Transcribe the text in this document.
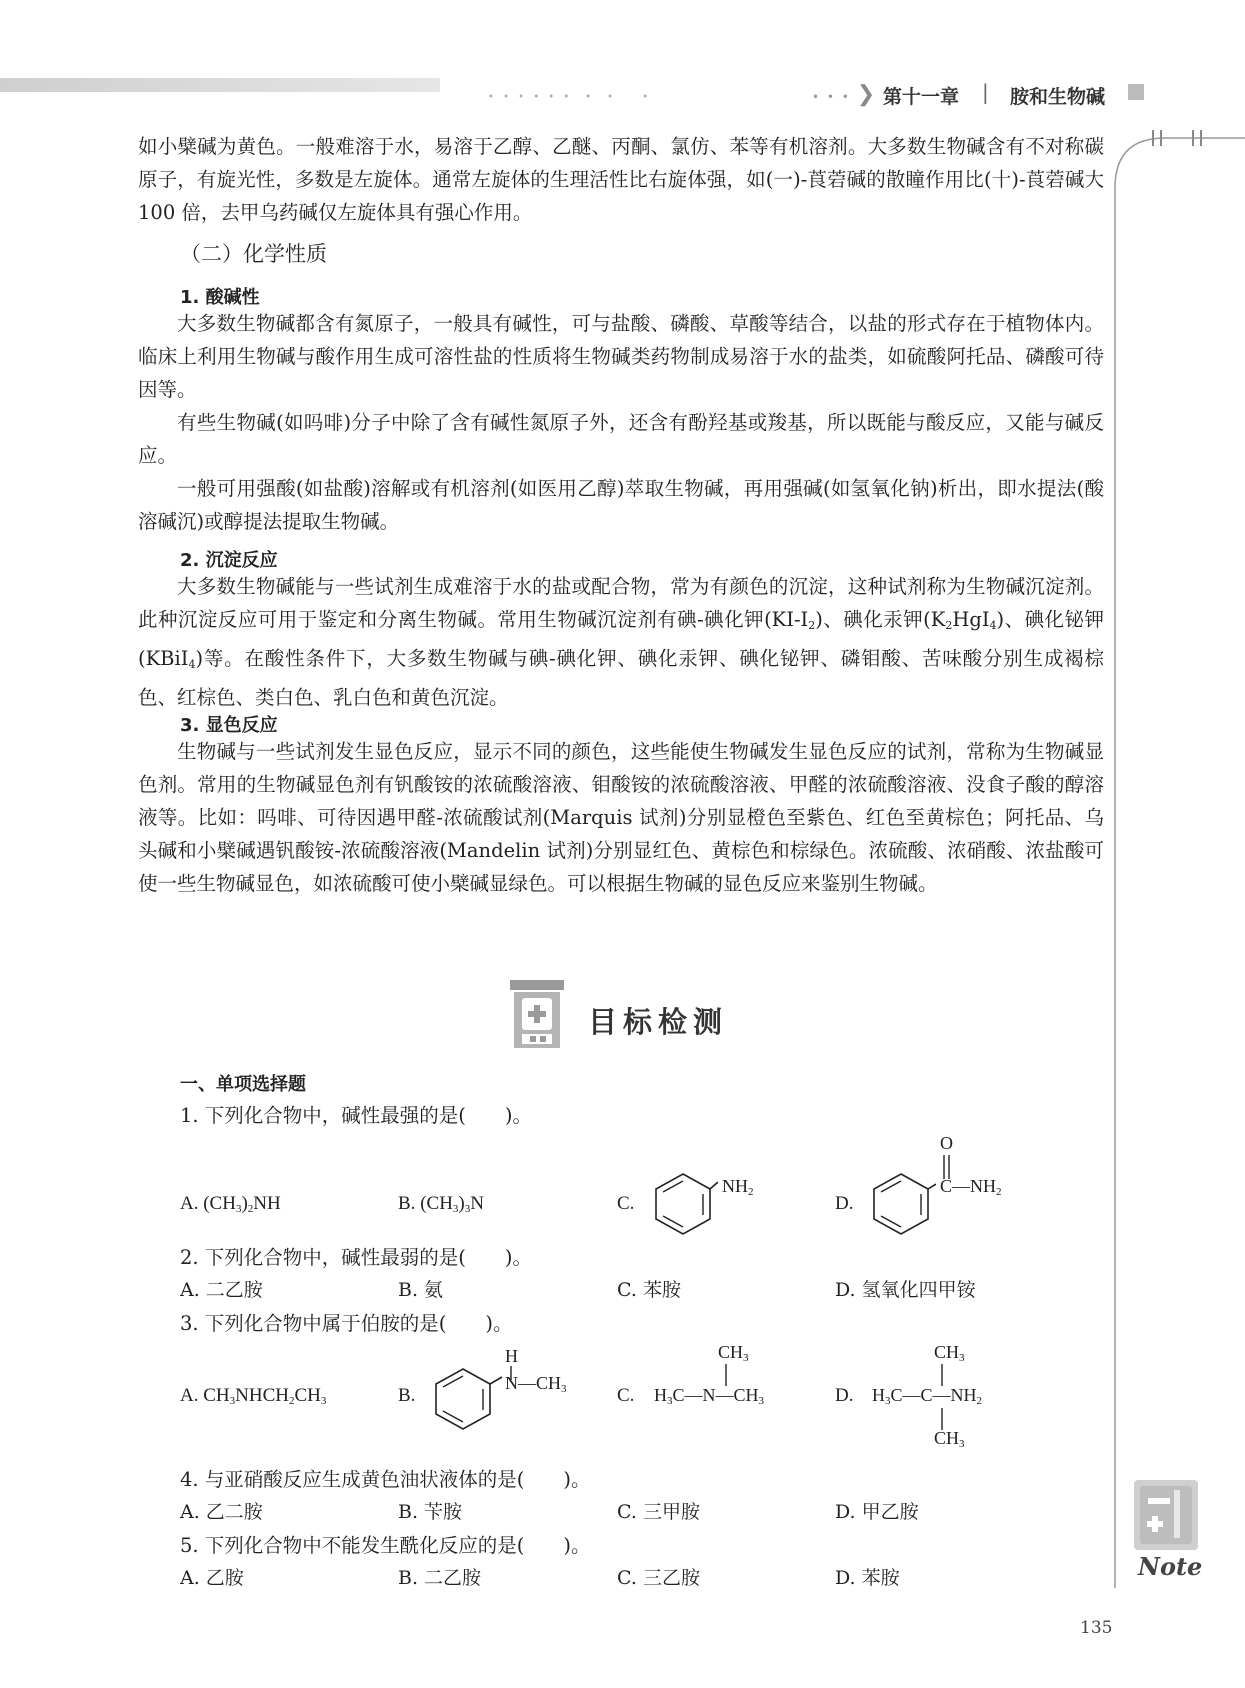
• • • • • •　•　•　　•	• • • ❯ 第十一章 | 胺和生物碱
如小檗碱为黄色。一般难溶于水，易溶于乙醇、乙醚、丙酮、氯仿、苯等有机溶剂。大多数生物碱含有不对称碳原子，有旋光性，多数是左旋体。通常左旋体的生理活性比右旋体强，如(一)-莨菪碱的散瞳作用比(十)-莨菪碱大 100 倍，去甲乌药碱仅左旋体具有强心作用。
（二）化学性质
1. 酸碱性
大多数生物碱都含有氮原子，一般具有碱性，可与盐酸、磷酸、草酸等结合，以盐的形式存在于植物体内。临床上利用生物碱与酸作用生成可溶性盐的性质将生物碱类药物制成易溶于水的盐类，如硫酸阿托品、磷酸可待因等。
有些生物碱(如吗啡)分子中除了含有碱性氮原子外，还含有酚羟基或羧基，所以既能与酸反应，又能与碱反应。
一般可用强酸(如盐酸)溶解或有机溶剂(如医用乙醇)萃取生物碱，再用强碱(如氢氧化钠)析出，即水提法(酸溶碱沉)或醇提法提取生物碱。
2. 沉淀反应
大多数生物碱能与一些试剂生成难溶于水的盐或配合物，常为有颜色的沉淀，这种试剂称为生物碱沉淀剂。此种沉淀反应可用于鉴定和分离生物碱。常用生物碱沉淀剂有碘-碘化钾$(KI-I_2)$、碘化汞钾$(K_2HgI_4)$、碘化铋钾(KBiI$_4$)等。在酸性条件下，大多数生物碱与碘-碘化钾、碘化汞钾、碘化铋钾、磷钼酸、苦味酸分别生成褐棕色、红棕色、类白色、乳白色和黄色沉淀。
3. 显色反应
生物碱与一些试剂发生显色反应，显示不同的颜色，这些能使生物碱发生显色反应的试剂，常称为生物碱显色剂。常用的生物碱显色剂有钒酸铵的浓硫酸溶液、钼酸铵的浓硫酸溶液、甲醛的浓硫酸溶液、没食子酸的醇溶液等。比如：吗啡、可待因遇甲醛-浓硫酸试剂(Marquis 试剂)分别显橙色至紫色、红色至黄棕色；阿托品、乌头碱和小檗碱遇钒酸铵-浓硫酸溶液(Mandelin 试剂)分别显红色、黄棕色和棕绿色。浓硫酸、浓硝酸、浓盐酸可使一些生物碱显色，如浓硫酸可使小檗碱显绿色。可以根据生物碱的显色反应来鉴别生物碱。
目标检测
一、单项选择题
1. 下列化合物中，碱性最强的是(　　)。
A. $(CH_3)_2NH$	B. $(CH_3)_3N$	C.
$NH_2$
D.
O
$C—NH_2$
2. 下列化合物中，碱性最弱的是(　　)。
A. 二乙胺	B. 氨	C. 苯胺	D. 氢氧化四甲铵
3. 下列化合物中属于伯胺的是(　　)。
A. $CH_3NHCH_2CH_3$	B.
H
$N—CH_3$	C.
$CH_3$
$H_3C—N—CH_3$	D.
$CH_3$
$H_3C—C—NH_2$
$CH_3$
4. 与亚硝酸反应生成黄色油状液体的是(　　)。
A. 乙二胺	B. 苄胺	C. 三甲胺	D. 甲乙胺
5. 下列化合物中不能发生酰化反应的是(　　)。
A. 乙胺	B. 二乙胺	C. 三乙胺	D. 苯胺	Note
135
